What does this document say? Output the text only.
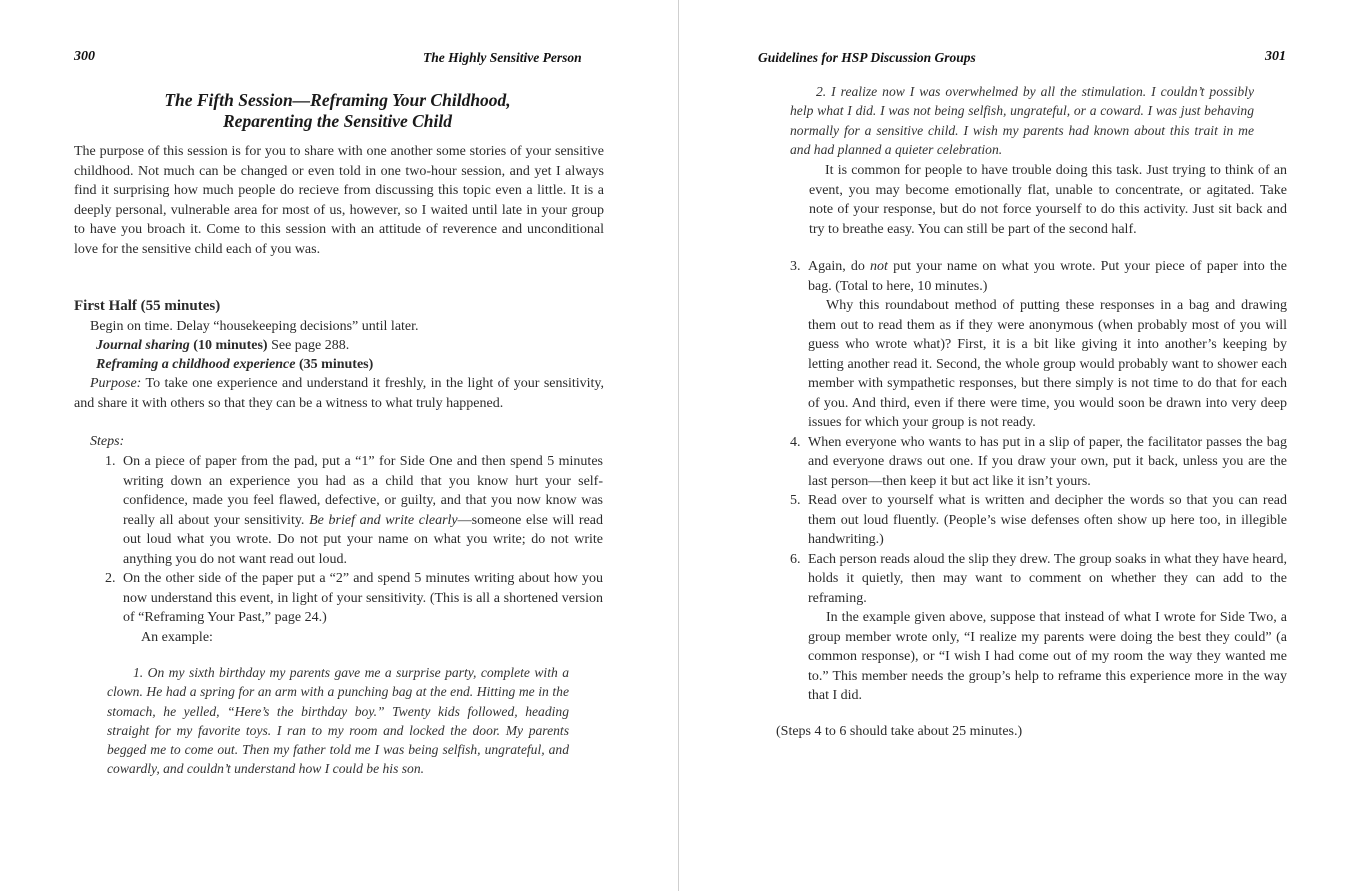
300	The Highly Sensitive Person
The Fifth Session—Reframing Your Childhood,
Reparenting the Sensitive Child

The purpose of this session is for you to share with one another some stories of your sensitive childhood. Not much can be changed or even told in one two-hour session, and yet I always find it surprising how much people do recieve from discussing this topic even a little. It is a deeply personal, vulnerable area for most of us, however, so I waited until late in your group to have you broach it. Come to this session with an attitude of reverence and unconditional love for the sensitive child each of you was.

First Half (55 minutes)

Begin on time. Delay “housekeeping decisions” until later.

Journal sharing (10 minutes) See page 288.

Reframing a childhood experience (35 minutes)

Purpose: To take one experience and understand it freshly, in the light of your sensitivity, and share it with others so that they can be a witness to what truly happened.

Steps:

1. On a piece of paper from the pad, put a “1” for Side One and then spend 5 minutes writing down an experience you had as a child that you know hurt your self-confidence, made you feel flawed, defective, or guilty, and that you now know was really all about your sensitivity. Be brief and write clearly—someone else will read out loud what you wrote. Do not put your name on what you write; do not write anything you do not want read out loud.
2. On the other side of the paper put a “2” and spend 5 minutes writing about how you now understand this event, in light of your sensitivity. (This is all a shortened version of “Reframing Your Past,” page 24.)

An example:

1. On my sixth birthday my parents gave me a surprise party, complete with a clown. He had a spring for an arm with a punching bag at the end. Hitting me in the stomach, he yelled, “Here’s the birthday boy.” Twenty kids followed, heading straight for my favorite toys. I ran to my room and locked the door. My parents begged me to come out. Then my father told me I was being selfish, ungrateful, and cowardly, and couldn’t understand how I could be his son.

Guidelines for HSP Discussion Groups	301

2. I realize now I was overwhelmed by all the stimulation. I couldn’t possibly help what I did. I was not being selfish, ungrateful, or a coward. I was just behaving normally for a sensitive child. I wish my parents had known about this trait in me and had planned a quieter celebration.

It is common for people to have trouble doing this task. Just trying to think of an event, you may become emotionally flat, unable to concentrate, or agitated. Take note of your response, but do not force yourself to do this activity. Just sit back and try to breathe easy. You can still be part of the second half.

3. Again, do not put your name on what you wrote. Put your piece of paper into the bag. (Total to here, 10 minutes.)

Why this roundabout method of putting these responses in a bag and drawing them out to read them as if they were anonymous (when probably most of you will guess who wrote what)? First, it is a bit like giving it into another’s keeping by letting another read it. Second, the whole group would probably want to shower each member with sympathetic responses, but there simply is not time to do that for each of you. And third, even if there were time, you would soon be drawn into very deep issues for which your group is not ready.

4. When everyone who wants to has put in a slip of paper, the facilitator passes the bag and everyone draws out one. If you draw your own, put it back, unless you are the last person—then keep it but act like it isn’t yours.
5. Read over to yourself what is written and decipher the words so that you can read them out loud fluently. (People’s wise defenses often show up here too, in illegible handwriting.)
6. Each person reads aloud the slip they drew. The group soaks in what they have heard, holds it quietly, then may want to comment on whether they can add to the reframing.

In the example given above, suppose that instead of what I wrote for Side Two, a group member wrote only, “I realize my parents were doing the best they could” (a common response), or “I wish I had come out of my room the way they wanted me to.” This member needs the group’s help to reframe this experience more in the way that I did.

(Steps 4 to 6 should take about 25 minutes.)
